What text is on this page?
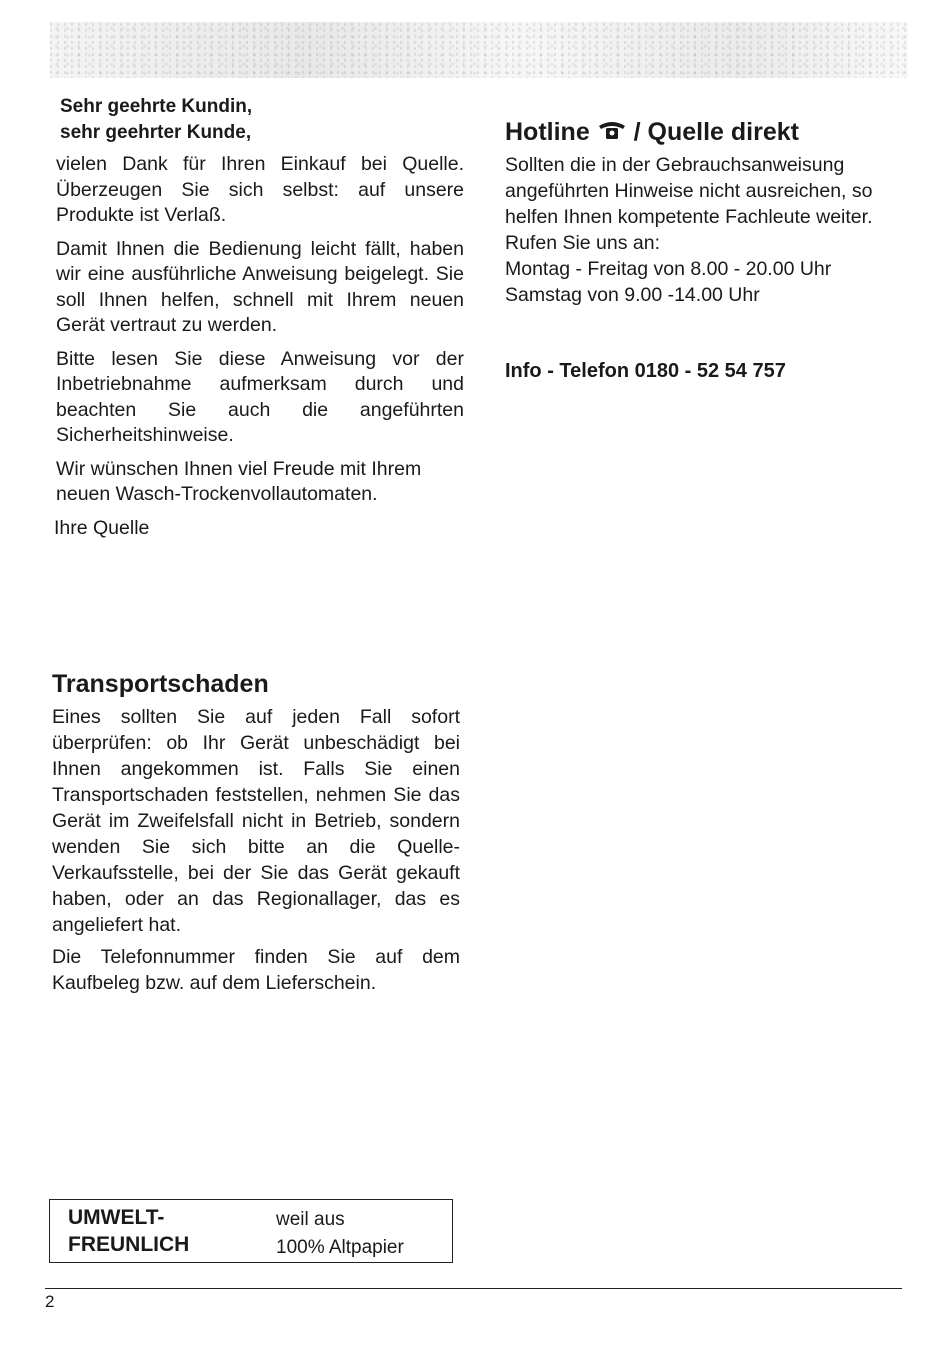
Sehr geehrte Kundin,
sehr geehrter Kunde,

vielen Dank für Ihren Einkauf bei Quelle. Überzeugen Sie sich selbst: auf unsere Produkte ist Verlaß.

Damit Ihnen die Bedienung leicht fällt, haben wir eine ausführliche Anweisung beigelegt. Sie soll Ihnen helfen, schnell mit Ihrem neuen Gerät vertraut zu werden.

Bitte lesen Sie diese Anweisung vor der Inbetriebnahme aufmerksam durch und beachten Sie auch die angeführten Sicherheitshinweise.

Wir wünschen Ihnen viel Freude mit Ihrem neuen Wasch-Trockenvollautomaten.

Ihre Quelle
Transportschaden

Eines sollten Sie auf jeden Fall sofort überprüfen: ob Ihr Gerät unbeschädigt bei Ihnen angekommen ist. Falls Sie einen Transportschaden feststellen, nehmen Sie das Gerät im Zweifelsfall nicht in Betrieb, sondern wenden Sie sich bitte an die Quelle-Verkaufsstelle, bei der Sie das Gerät gekauft haben, oder an das Regionallager, das es angeliefert hat.

Die Telefonnummer finden Sie auf dem Kaufbeleg bzw. auf dem Lieferschein.

Hotline / Quelle direkt

Sollten die in der Gebrauchsanweisung angeführten Hinweise nicht ausreichen, so helfen Ihnen kompetente Fachleute weiter.

Rufen Sie uns an:

Montag - Freitag von 8.00 - 20.00 Uhr

Samstag von 9.00 -14.00 Uhr

Info - Telefon 0180 - 52 54 757
UMWELT-
FREUNLICH
weil aus
100% Altpapier
2
